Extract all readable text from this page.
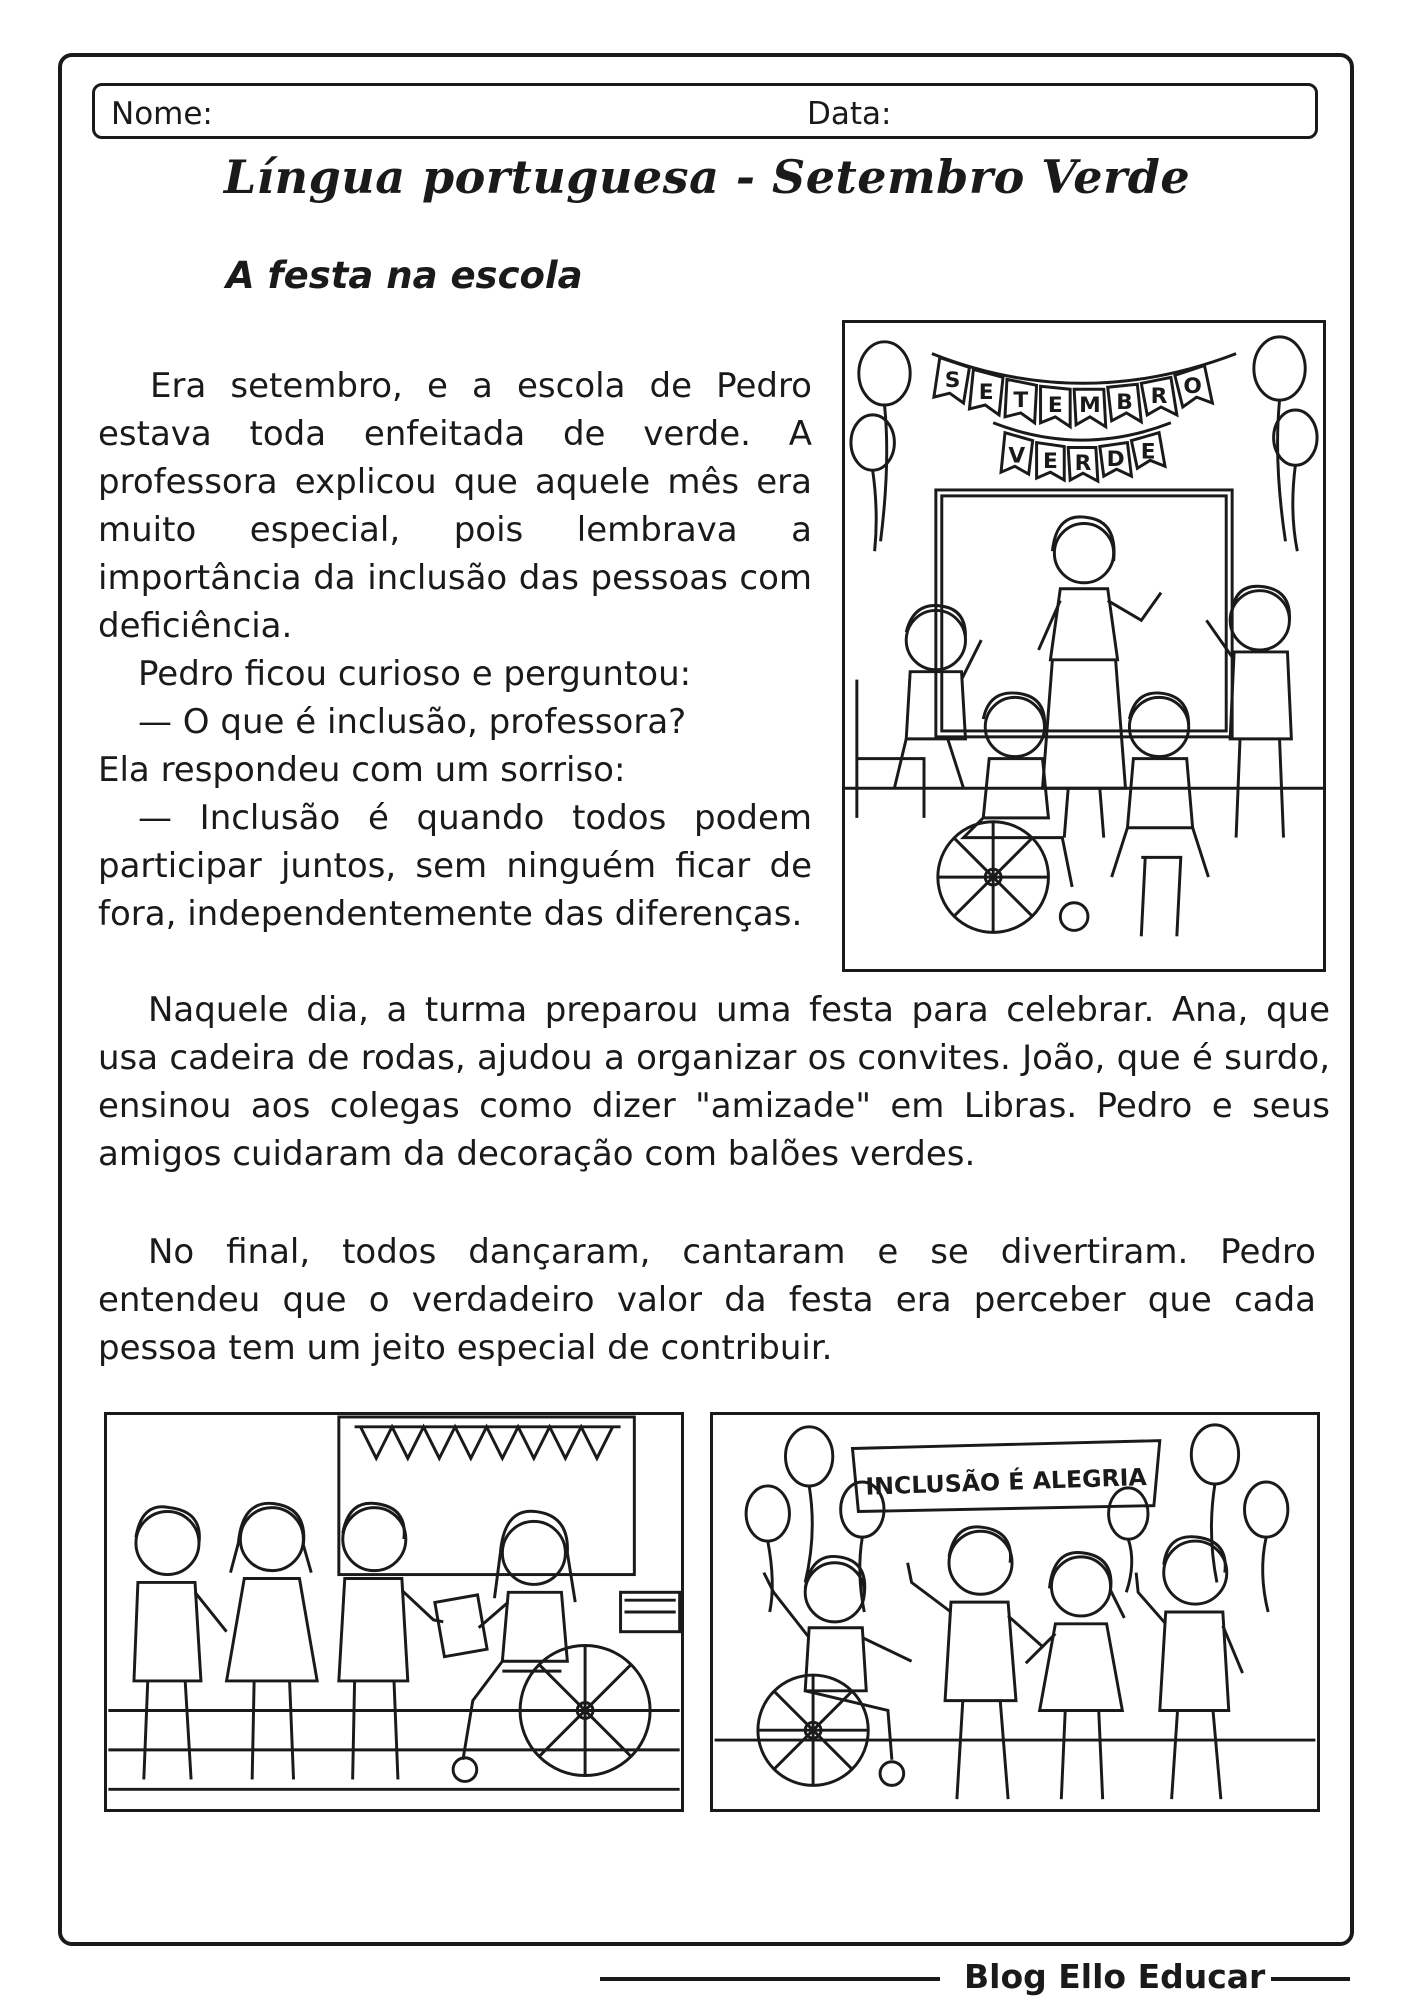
Nome:	Data:
Língua portuguesa - Setembro Verde
A festa na escola

Era setembro, e a escola de Pedro estava toda enfeitada de verde. A professora explicou que aquele mês era muito especial, pois lembrava a importância da inclusão das pessoas com deficiência.

Pedro ficou curioso e perguntou:

— O que é inclusão, professora?

Ela respondeu com um sorriso:

— Inclusão é quando todos podem participar juntos, sem ninguém ficar de fora, independentemente das diferenças.

Naquele dia, a turma preparou uma festa para celebrar. Ana, que usa cadeira de rodas, ajudou a organizar os convites. João, que é surdo, ensinou aos colegas como dizer "amizade" em Libras. Pedro e seus amigos cuidaram da decoração com balões verdes.

No final, todos dançaram, cantaram e se divertiram. Pedro entendeu que o verdadeiro valor da festa era perceber que cada pessoa tem um jeito especial de contribuir.

S E T E M B R O
V E R D E
INCLUSÃO É ALEGRIA
Blog Ello Educar
